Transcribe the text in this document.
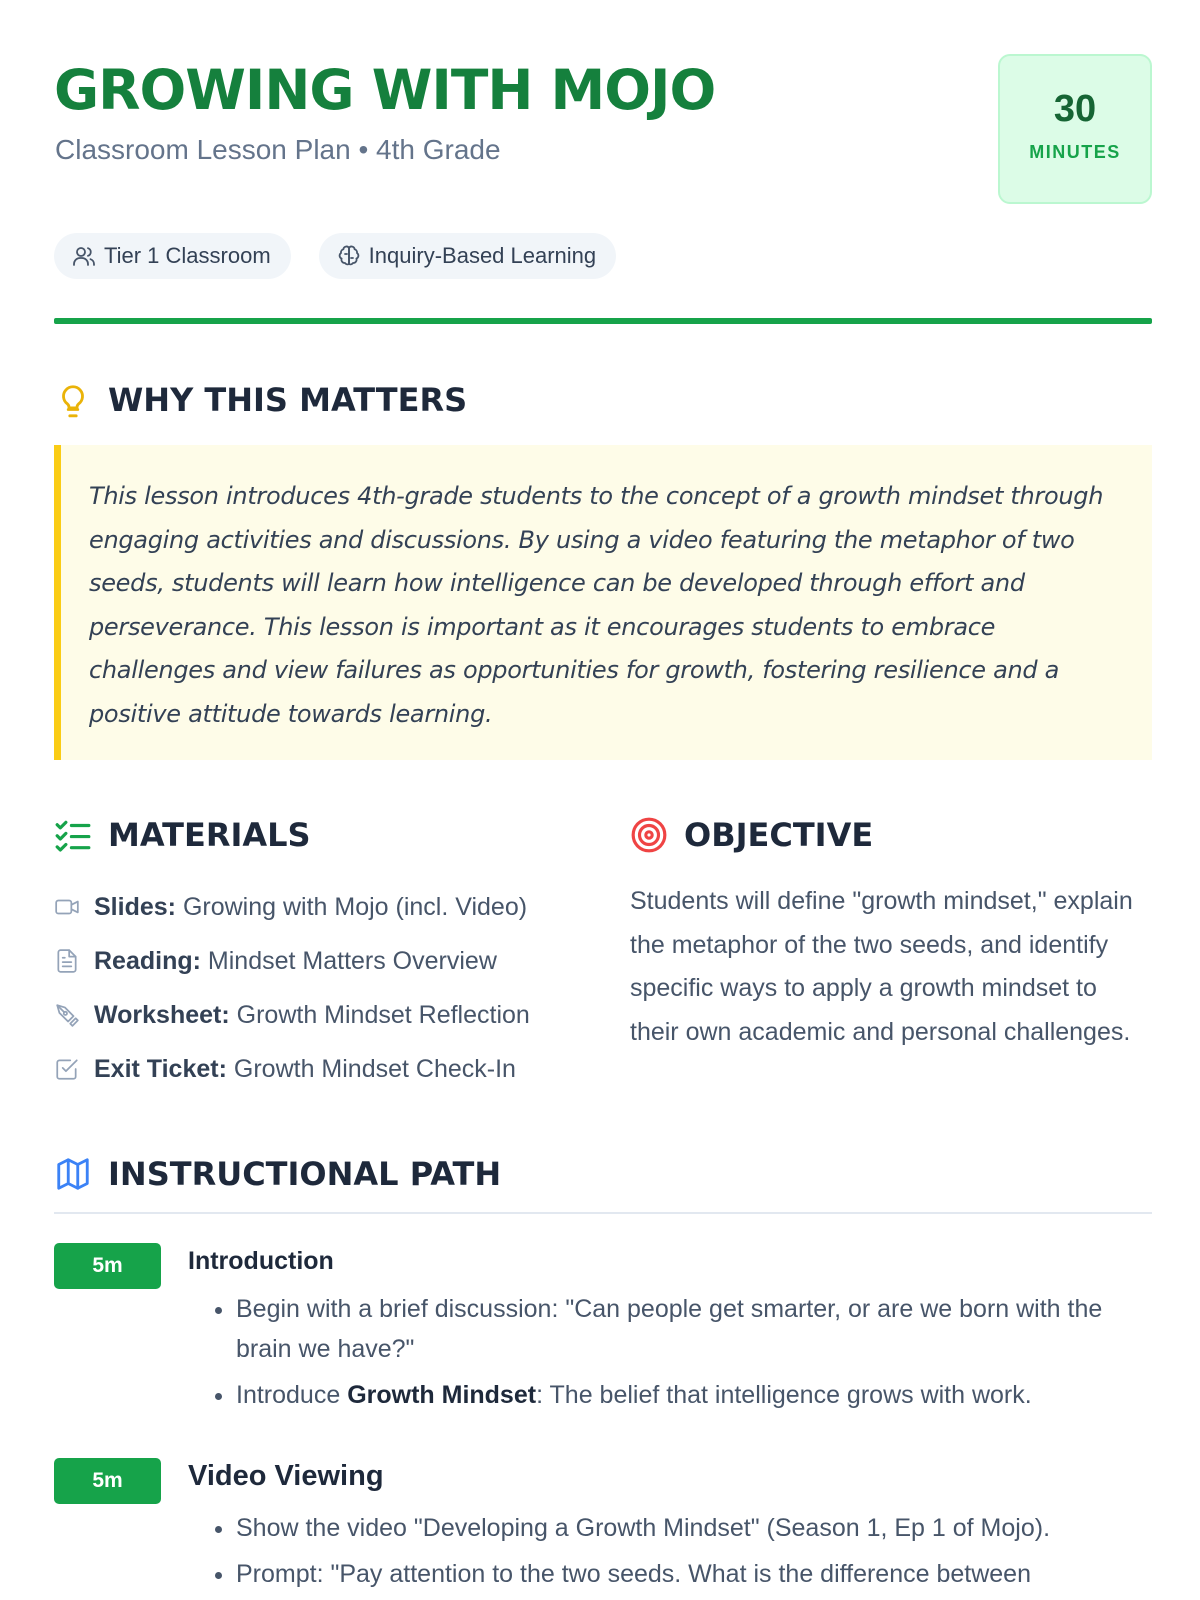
GROWING WITH MOJO
Classroom Lesson Plan • 4th Grade
30
MINUTES
Tier 1 Classroom	Inquiry-Based Learning
WHY THIS MATTERS

This lesson introduces 4th-grade students to the concept of a growth mindset through engaging activities and discussions. By using a video featuring the metaphor of two seeds, students will learn how intelligence can be developed through effort and perseverance. This lesson is important as it encourages students to embrace challenges and view failures as opportunities for growth, fostering resilience and a positive attitude towards learning.

MATERIALS
Slides: Growing with Mojo (incl. Video)
Reading: Mindset Matters Overview
Worksheet: Growth Mindset Reflection
Exit Ticket: Growth Mindset Check-In
OBJECTIVE

Students will define "growth mindset," explain the metaphor of the two seeds, and identify specific ways to apply a growth mindset to their own academic and personal challenges.

INSTRUCTIONAL PATH
5m	Introduction
• Begin with a brief discussion: "Can people get smarter, or are we born with the brain we have?"
• Introduce Growth Mindset: The belief that intelligence grows with work.
5m	Video Viewing
• Show the video "Developing a Growth Mindset" (Season 1, Ep 1 of Mojo).
• Prompt: "Pay attention to the two seeds. What is the difference between
